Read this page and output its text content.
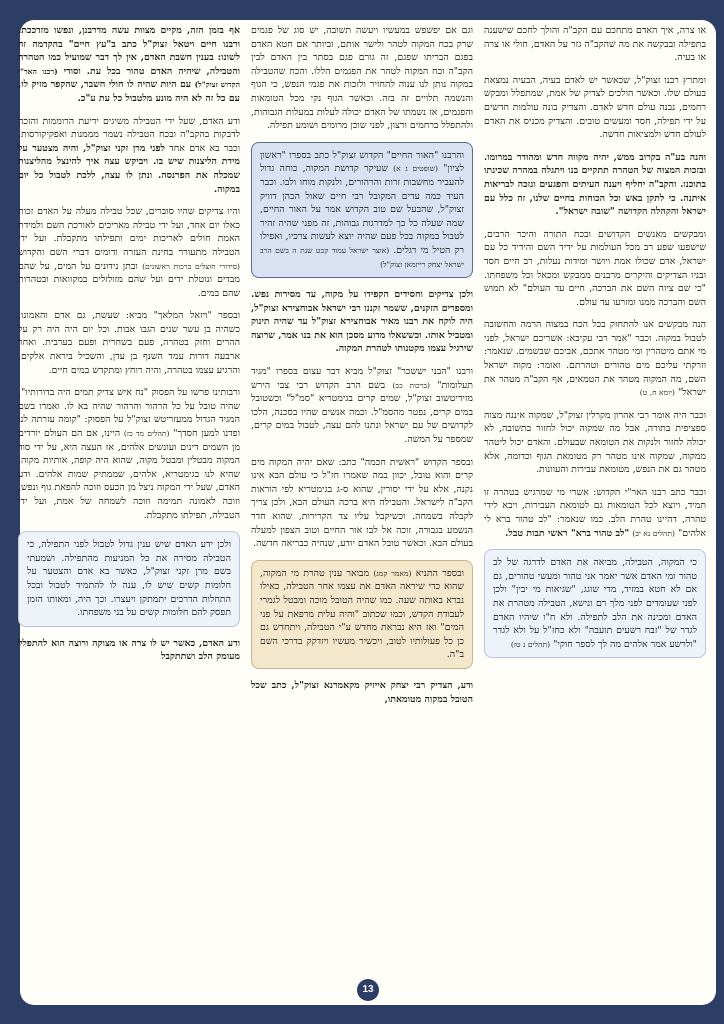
או צרה, איך האדם מתחכם עם הקב"ה והולך לחכם שישענה בתפילה ובבקשה את מה שהקב"ה גזר על האדם, חולי או צרה או בעיה.

ומתרץ רבנו זצוק"ל, שכאשר יש לאדם בעיה, הבעיה נמצאת בעולם שלו. וכאשר הולכים לצדיק של אמת, שמתפלל ומבקש רחמים, נבנה עולם חדש לאדם. והצדיק בונה עולמות חדשים על ידי תפילה, חסד ומעשים טובים. והצדיק מכניס את האדם לעולם חדש ולמציאות חדשה.

והנה בע"ה בקרוב ממש, יהיה מקווה חדש ומהודר במרומו. ובזכות המצוה של הטהרה תתקיים בנו ויתגלה במהרה שכינתו בתוכנו. והקב"ה יחליף ויענה העיתים והפגעים ונזכה לבריאות איתנה. כי לתקן באש וכל הכוחות בחיים שלנו, זה כלל עם ישראל והקהלה הקדושה "שובה ישראל".

ומבקשים מאנשים הקדושים ובכח התורה והיכר הרבים, שישפעו שפע רב מכל העולמות על ידיד השם והידיד כל עם ישראל, אדם שכולו אמת ויושר ומידות נעלות, רב חיים חסד ובניו הצדיקים והיקרים מרבנים ממבקש ומכאל וכל משפחתו. "כי שם ציוה השם את הברכה, חיים עד העולם" לא תמוש השם והברכה ממנו ומזרעו עד עולם.

הנה מבקשים אנו להתחזק בכל הכח במצוה הרמה והחשובה לטבול במקוה. וכבר "אמר רבי עקיבא: אשריכם ישראל, לפני מי אתם מיטהרין ומי מטהר אתכם, אביכם שבשמים. שנאמר: וזרקתי עליכם מים טהורים וטהרתם. ואומר: מקוה ישראל השם, מה המקוה מטהר את הטמאים, אף הקב"ה מטהר את ישראל" (יומא ח, ט)

וכבר היה אומר רבי אהרון מקרלין זצוק"ל, שמקוה איננה מצוה ספציפית בתורה, אבל מה שמקוה יכול לחזור בתשובה, לא יכולה לחזור ולנקות את הטומאה שבעולם. והאדם יכול ליטהר ממקוה, שמקוה אינו מטהר רק מטומאת הגוף וכדומה, אלא מטהר גם את הנפש, מטומאת עבירות והעוונות.

וכבר כתב רבנו האר"י הקדוש: אשרי מי שמרגיש בטהרה זו תמיד, ויוצא לכל הטומאות גם לטומאת העבירות, ויבא לידי טהרה, דהיינו טהרת הלב. כמו שנאמר: "לב טהור ברא לי אלהים" (תהלים נא יב) "לב טהור ברא" ראשי תבות טבל.

כי המקוה, הטבילה, מביאה את האדם לדרגה של לב טהור ומי האדם אשר יאמר אני טהור ומעשי טהורים, גם אם לא חטא במזיד, מדי שוגג, "שגיאות מי יבין" ולכן לפני שעומדים לפני מלך רם ונישא, הטבילה מטהרת את האדם ומכינה את הלב לתפילה. ולא ח"ו שיהיו האדם לגדר של "זבח רשעים תועבה" ולא כחז"ל על ולא לגדר "ולרשע אמר אלהים מה לך לספר חוקי" (תהלים נ טז)

וגם אם יפשפש במעשיו ויעשה תשובה, יש סוג של פגמים שרק בכח המקוה לטהר ולישר אותם, וביותר אם חטא האדם בפגם הבריתו שפגם, זה גורם פגם בסתר בין האדם לבין הקב"ה וכח המקוה לטהר את הפגמים הללו. והכח שהטבילה במקוה נותן לנו ענוה להחזיר ולזכות את פגמי הנפש, כי הגוף והנשמה תלויים זה בזה. וכאשר הגוף נקי מכל הטומאות והפגמים, אז נשמתו של האדם יכולה לעלות במעלות הגבוהות, ולהתפלל ברחמים ורצון, לפני שוכן מרומים ושומע תפילה.

והרבנו "האור החיים" הקדוש זצוק"ל כתב בספרו "ראשון לציון" (שופטים ג א) שעיקר קדושת המקוה, כוחה גדול להעביר מחשבות זרות והרהורים, ולנקות מוחו ולבו. וכבר העיד כמה עדים המקובל רבי חיים שאול הכהן דוויק זצוק"ל, שהבעל שם טוב הקדוש אמר על האור החיים, שמה שעלה כל כך למדרגות גבוהות, זה מפני שהיה זהיר לטבול במקוה בכל פעם שהיה יוצא לעשות צרכיו, ואפילו רק הטיל מי רגלים. (אוצר ישראל עמוד קכט שנת ה בשם הרב ישראל יצחק רייזמאן זצוק"ל)

ולכן צדיקים וחסידים הקפידו על מקוה, עד מסירות נפש. ומספרים הזקנים, ששמר זקננו רבי ישראל אבוחצירא זצוק"ל, היה לוקח את רבנו מאיר אבוחצירא זצוק"ל עד שהיה תינוק ומטביל אותו. וכששאלו מדוע מסכן הוא את בנו אמר, שרוצה שירגיל עצמו מקטנותו לטהרת המקוה.

ורבנו "הבני יששכר" זצוק"ל מביא דבר עצום בספרו "מגיד תעלומות" (ברכות כב) בשם הרב הקדוש רבי צבי הירש מזידיטשוב זצוק"ל, שמים קרים בגימטריא "סמ"ל" וכשטובל במים קרים, נפטר מהסמ"ל. וכמה אנשים שהיו בסכנה, הלכו לקדושים של עם ישראל ונתנו להם עצה, לטבול במים קרים, שמספר על המשה.

ובספר הקדוש "ראשית חכמה" כתב: שאם יהיה המקוה מים קרים והוא טובל, יכוון במה שאמרו חז"ל כי עולם הבא אינו נקנה, אלא על ידי יסורין, שהוא ס-ג בגימטריא לפי הוראות הקב"ה לישראל. והטבילה היא ברכה העולם הבא, ולכן צריך לקבלה בשמחה. וכשיקבל עליו צד הקרירות, שהוא חדר הנשמע בגבורה, זוכה אל לבו אור החיים וטוב הצפון למעלה בעולם הבא. וכאשר טובל האדם יודע, שנהיה כבריאה חדשה.

ובספר התניא (מאמר קמג) מבואר ענין טהרת מי המקוה, שהוא כדי שיראה האדם את עצמו אחר הטבילה, כאילו נברא באותה שעה. כמו שהיה הטובל מוכה ומבטל לגמרי לעבודת הקדש, וכמו שכתוב "והיה עלית מרפאת על פני המים" ואז היא נבראת מחדש ע"י הטבילה, ויתחדש גם כן כל פעולותיו לטוב, ויכשיר מעשיו ויזדקק בדרכי השם ב"ה.

ודע, הצדיק רבי יצחק אייזיק מקאמרנא זצוק"ל, כתב שכל הטובל במקוה מטומאתו,

אף בזמן הזה, מקיים מצוות עשה מדרבנן, ונפשו מזדככת. ורבנו חיים ויטאל זצוק"ל כתב ב"עץ חיים" בהקדמה זה לשונו: בענין חשבת האדם, אין לך דבר שמועיל כמו הטהרה והטבילה, שיהיה האדם טהור בכל עת. וסודי (רבנו האר"י הקדוש זצוק"ל) עם היות שהיה לו חולי חשבר, שהקפר מזיק לו, עם כל זה לא היה מונע מלטבול כל עת ע"כ.

ודע האדם, שעל ידי הטבילה משיגים ידיעת הרוממות והזכה לדבקות בהקב"ה ובכח הטבילה נשמר מממנות ואפקיקורסות. וכבר בא אדם אחד לפני מרן זקני זצוק"ל, והיה מצטער על מידת הליצנות שיש בו. ויביקש עצה איך להינצל מהליצנות שמכלה את הפרנסה. ונתן לו עצה, ללכת לטבול כל יום במקוה.

והיו צדיקים שהיו סוברים, שכל טבילה מעלה על האדם זכות כאלו יום אחד, ועל ידי טבילה מאריכים לאורכת השם ולמידת האמת חולים לאריכות ימים ותפילתו מתקבלת. ועל ידי הטבילה מתעורר בחינת העזרה ודומים דברי השם והקדוש (סידורי חוצלים ברכות ראשונים) ובתן נידונים על המים, על שהם מבדים ונוטלת ידים ועל שהם מזולזלים במקוואות ובטהרות שהם במים.

ובספר "ויזאל המלאך" מביא: שעשת, גם אדם והאמונו, כשהיה בן עשר שנים הגבו אבות. וכל יום היה היה רק על ההרים וחזק בטהרה, פעם בשחרית ופעם בערבית. ואחר ארבעה דורות עמד השנף בן עדן, והשכיל ביראת אלקים, והרגיע עצמו בטהרה, והיה רוחץ ומתקדש במים חיים.

ורבותינו פרשו על הפסוק "נח איש צדיק תמים היה בדורותיו", שהיה טובל על כל הרהור והרהור שהיה בא לו. ואמרו בשם המגיד הגדול ממעזריטש זצוק"ל על הפסוק: "קומה עזרתה לנו ופדנו למען חסדך" (תהלים מד כז) היינו, אם הם העולם יורדים מן השמים דינים ועונשים אלהים, אז העצה היא, על ידי סוד המקוה מבטלין ומבטל מקוה, שהוא היה קופה, אותיות מקוה. שהיא לנו בגימטריא, אלהים, שממתיק שמות אלהים. ודע האדם, שעל ידי המקוה ניצל מן הכעס וזוכה להפאת גוף ונפש, וזוכה לאמונה תמימה וזוכה לשמחה של אמת, ועל ידי הטבילה, תפילתו מתקבלת.

ולכן ידע האדם שיש ענין גדול לטבול לפני התפילה, כי הטבילה מסירה את כל המניעות מהתפילה. ושמעתי בשם מרן זקני זצוק"ל, כאשר בא אדם והצטער על חלומות קשים שיש לו, ענה לו להתמיד לטבול ובכל התחלות הדרכים יתמתקן ויעצרו. וכך היה, ומאותו הזמן תפסק להם חלומות קשים על בני משפחתו.

ודע האדם, כאשר יש לו צרה או מצוקה ורוצה הוא להתפלל מעומק הלב ושתתקבל

13
